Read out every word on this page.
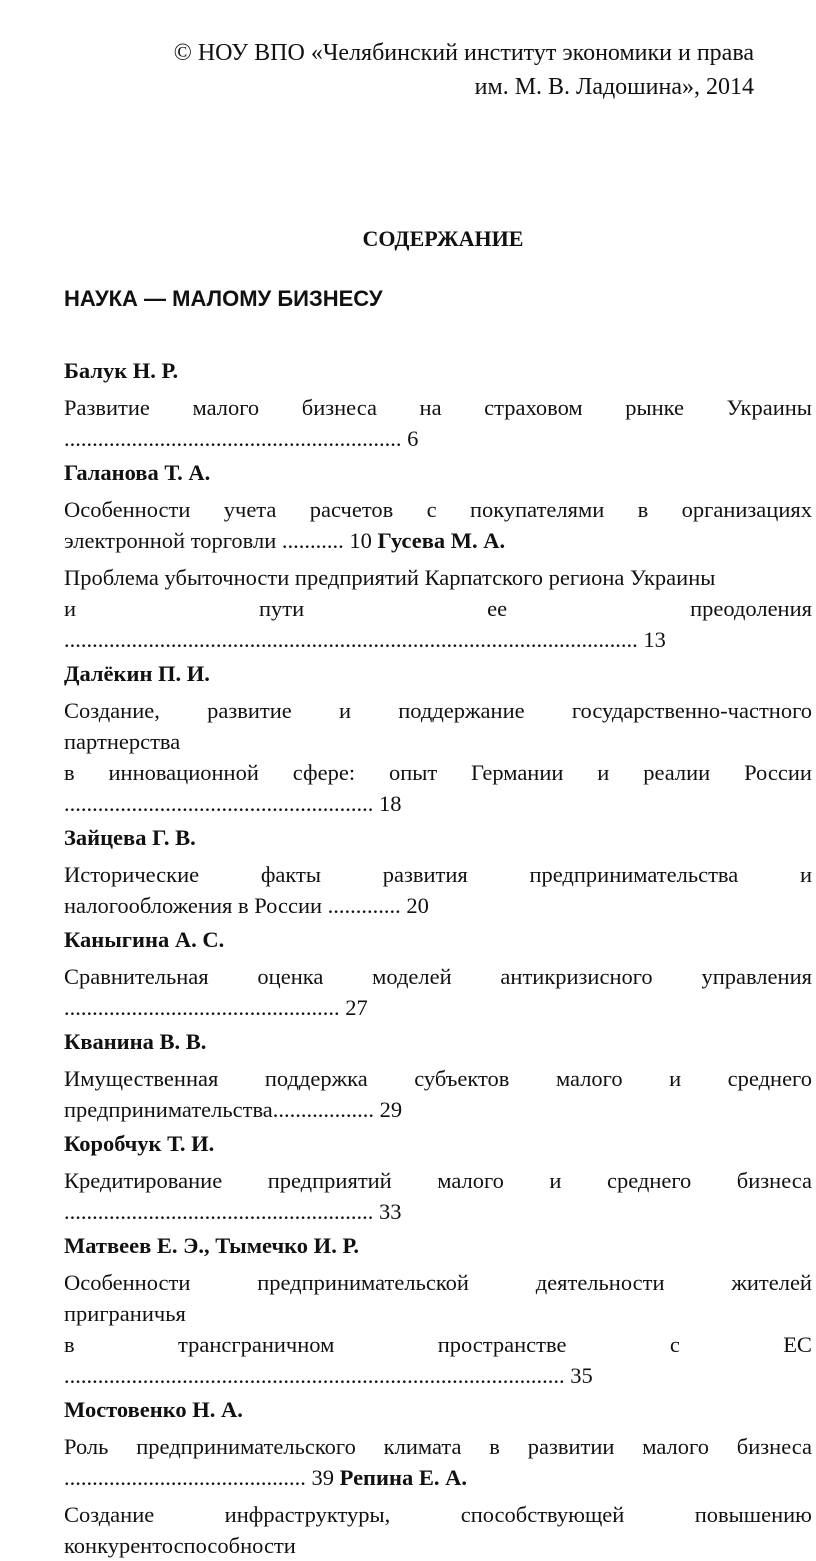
© НОУ ВПО «Челябинский институт экономики и права
им. М. В. Ладошина», 2014
СОДЕРЖАНИЕ
НАУКА — МАЛОМУ БИЗНЕСУ
Балук Н. Р.
Развитие малого бизнеса на страховом рынке Украины
............................................................ 6
Галанова Т. А.
Особенности учета расчетов с покупателями в организациях
электронной торговли ........... 10 Гусева М. А.
Проблема убыточности предприятий Карпатского региона Украины
и	пути	ее	преодоления
...................................................................................................... 13
Далёкин П. И.
Создание, развитие и поддержание государственно-частного
партнерства
в инновационной сфере: опыт Германии и реалии России
....................................................... 18
Зайцева Г. В.
Исторические	факты	развития	предпринимательства	и
налогообложения в России ............. 20
Каныгина А. С.
Сравнительная оценка моделей антикризисного управления
................................................. 27
Кванина В. В.
Имущественная поддержка субъектов малого и среднего
предпринимательства.................. 29
Коробчук Т. И.
Кредитирование предприятий малого и среднего бизнеса
....................................................... 33
Матвеев Е. Э., Тымечко И. Р.
Особенности	предпринимательской	деятельности	жителей
приграничья
в	трансграничном	пространстве	с	ЕС
......................................................................................... 35
Мостовенко Н. А.
Роль предпринимательского климата в развитии малого бизнеса
........................................... 39 Репина Е. А.
Создание	инфраструктуры,	способствующей	повышению
конкурентоспособности
